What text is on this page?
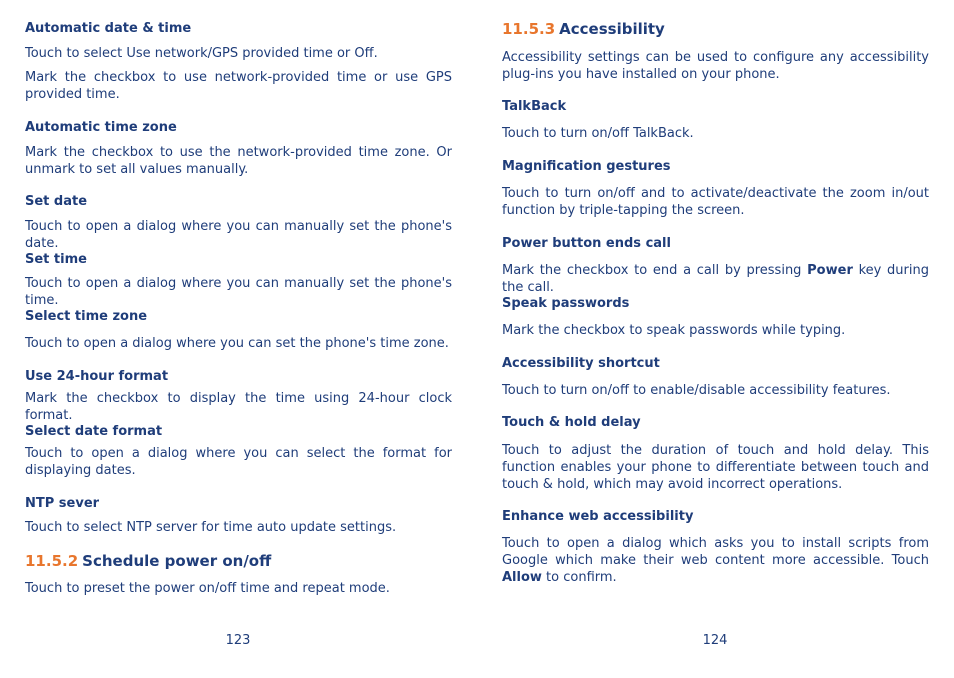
Automatic date & time
Touch to select Use network/GPS provided time or Off.
Mark the checkbox to use network-provided time or use GPS provided time.
Automatic time zone
Mark the checkbox to use the network-provided time zone. Or unmark to set all values manually.
Set date
Touch to open a dialog where you can manually set the phone's date.
Set time
Touch to open a dialog where you can manually set the phone's time.
Select time zone
Touch to open a dialog where you can set the phone's time zone.
Use 24-hour format
Mark the checkbox to display the time using 24-hour clock format.
Select date format
Touch to open a dialog where you can select the format for displaying dates.
NTP sever
Touch to select NTP server for time auto update settings.
11.5.2 Schedule power on/off
Touch to preset the power on/off time and repeat mode.
123
11.5.3 Accessibility
Accessibility settings can be used to configure any accessibility plug-ins you have installed on your phone.
TalkBack
Touch to turn on/off TalkBack.
Magnification gestures
Touch to turn on/off and to activate/deactivate the zoom in/out function by triple-tapping the screen.
Power button ends call
Mark the checkbox to end a call by pressing Power key during the call.
Speak passwords
Mark the checkbox to speak passwords while typing.
Accessibility shortcut
Touch to turn on/off to enable/disable accessibility features.
Touch & hold delay
Touch to adjust the duration of touch and hold delay. This function enables your phone to differentiate between touch and touch & hold, which may avoid incorrect operations.
Enhance web accessibility
Touch to open a dialog which asks you to install scripts from Google which make their web content more accessible. Touch Allow to confirm.
124
